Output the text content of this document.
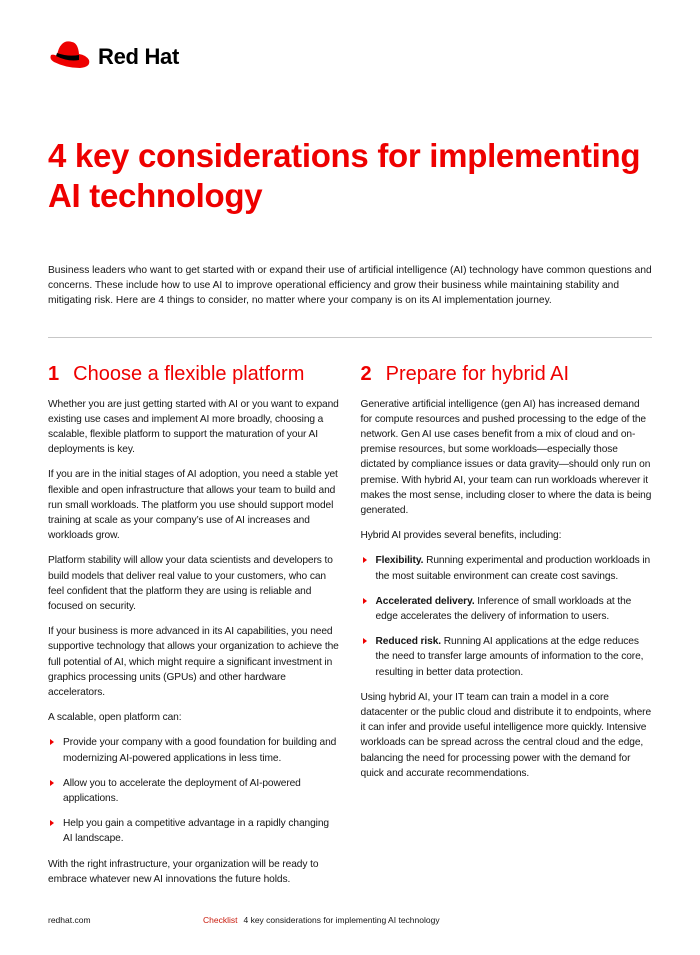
Red Hat
4 key considerations for implementing AI technology

Business leaders who want to get started with or expand their use of artificial intelligence (AI) technology have common questions and concerns. These include how to use AI to improve operational efficiency and grow their business while maintaining stability and mitigating risk. Here are 4 things to consider, no matter where your company is on its AI implementation journey.

1 Choose a flexible platform

Whether you are just getting started with AI or you want to expand existing use cases and implement AI more broadly, choosing a scalable, flexible platform to support the maturation of your AI deployments is key.

If you are in the initial stages of AI adoption, you need a stable yet flexible and open infrastructure that allows your team to build and run small workloads. The platform you use should support model training at scale as your company’s use of AI increases and workloads grow.

Platform stability will allow your data scientists and developers to build models that deliver real value to your customers, who can feel confident that the platform they are using is reliable and focused on security.

If your business is more advanced in its AI capabilities, you need supportive technology that allows your organization to achieve the full potential of AI, which might require a significant investment in graphics processing units (GPUs) and other hardware accelerators.

A scalable, open platform can:

Provide your company with a good foundation for building and modernizing AI-powered applications in less time.
Allow you to accelerate the deployment of AI-powered applications.
Help you gain a competitive advantage in a rapidly changing AI landscape.

With the right infrastructure, your organization will be ready to embrace whatever new AI innovations the future holds.

2 Prepare for hybrid AI

Generative artificial intelligence (gen AI) has increased demand for compute resources and pushed processing to the edge of the network. Gen AI use cases benefit from a mix of cloud and on-premise resources, but some workloads—especially those dictated by compliance issues or data gravity—should only run on premise. With hybrid AI, your team can run workloads wherever it makes the most sense, including closer to where the data is being generated.

Hybrid AI provides several benefits, including:

Flexibility. Running experimental and production workloads in the most suitable environment can create cost savings.
Accelerated delivery. Inference of small workloads at the edge accelerates the delivery of information to users.
Reduced risk. Running AI applications at the edge reduces the need to transfer large amounts of information to the core, resulting in better data protection.

Using hybrid AI, your IT team can train a model in a core datacenter or the public cloud and distribute it to endpoints, where it can infer and provide useful intelligence more quickly. Intensive workloads can be spread across the central cloud and the edge, balancing the need for processing power with the demand for quick and accurate recommendations.

redhat.com	Checklist 4 key considerations for implementing AI technology
